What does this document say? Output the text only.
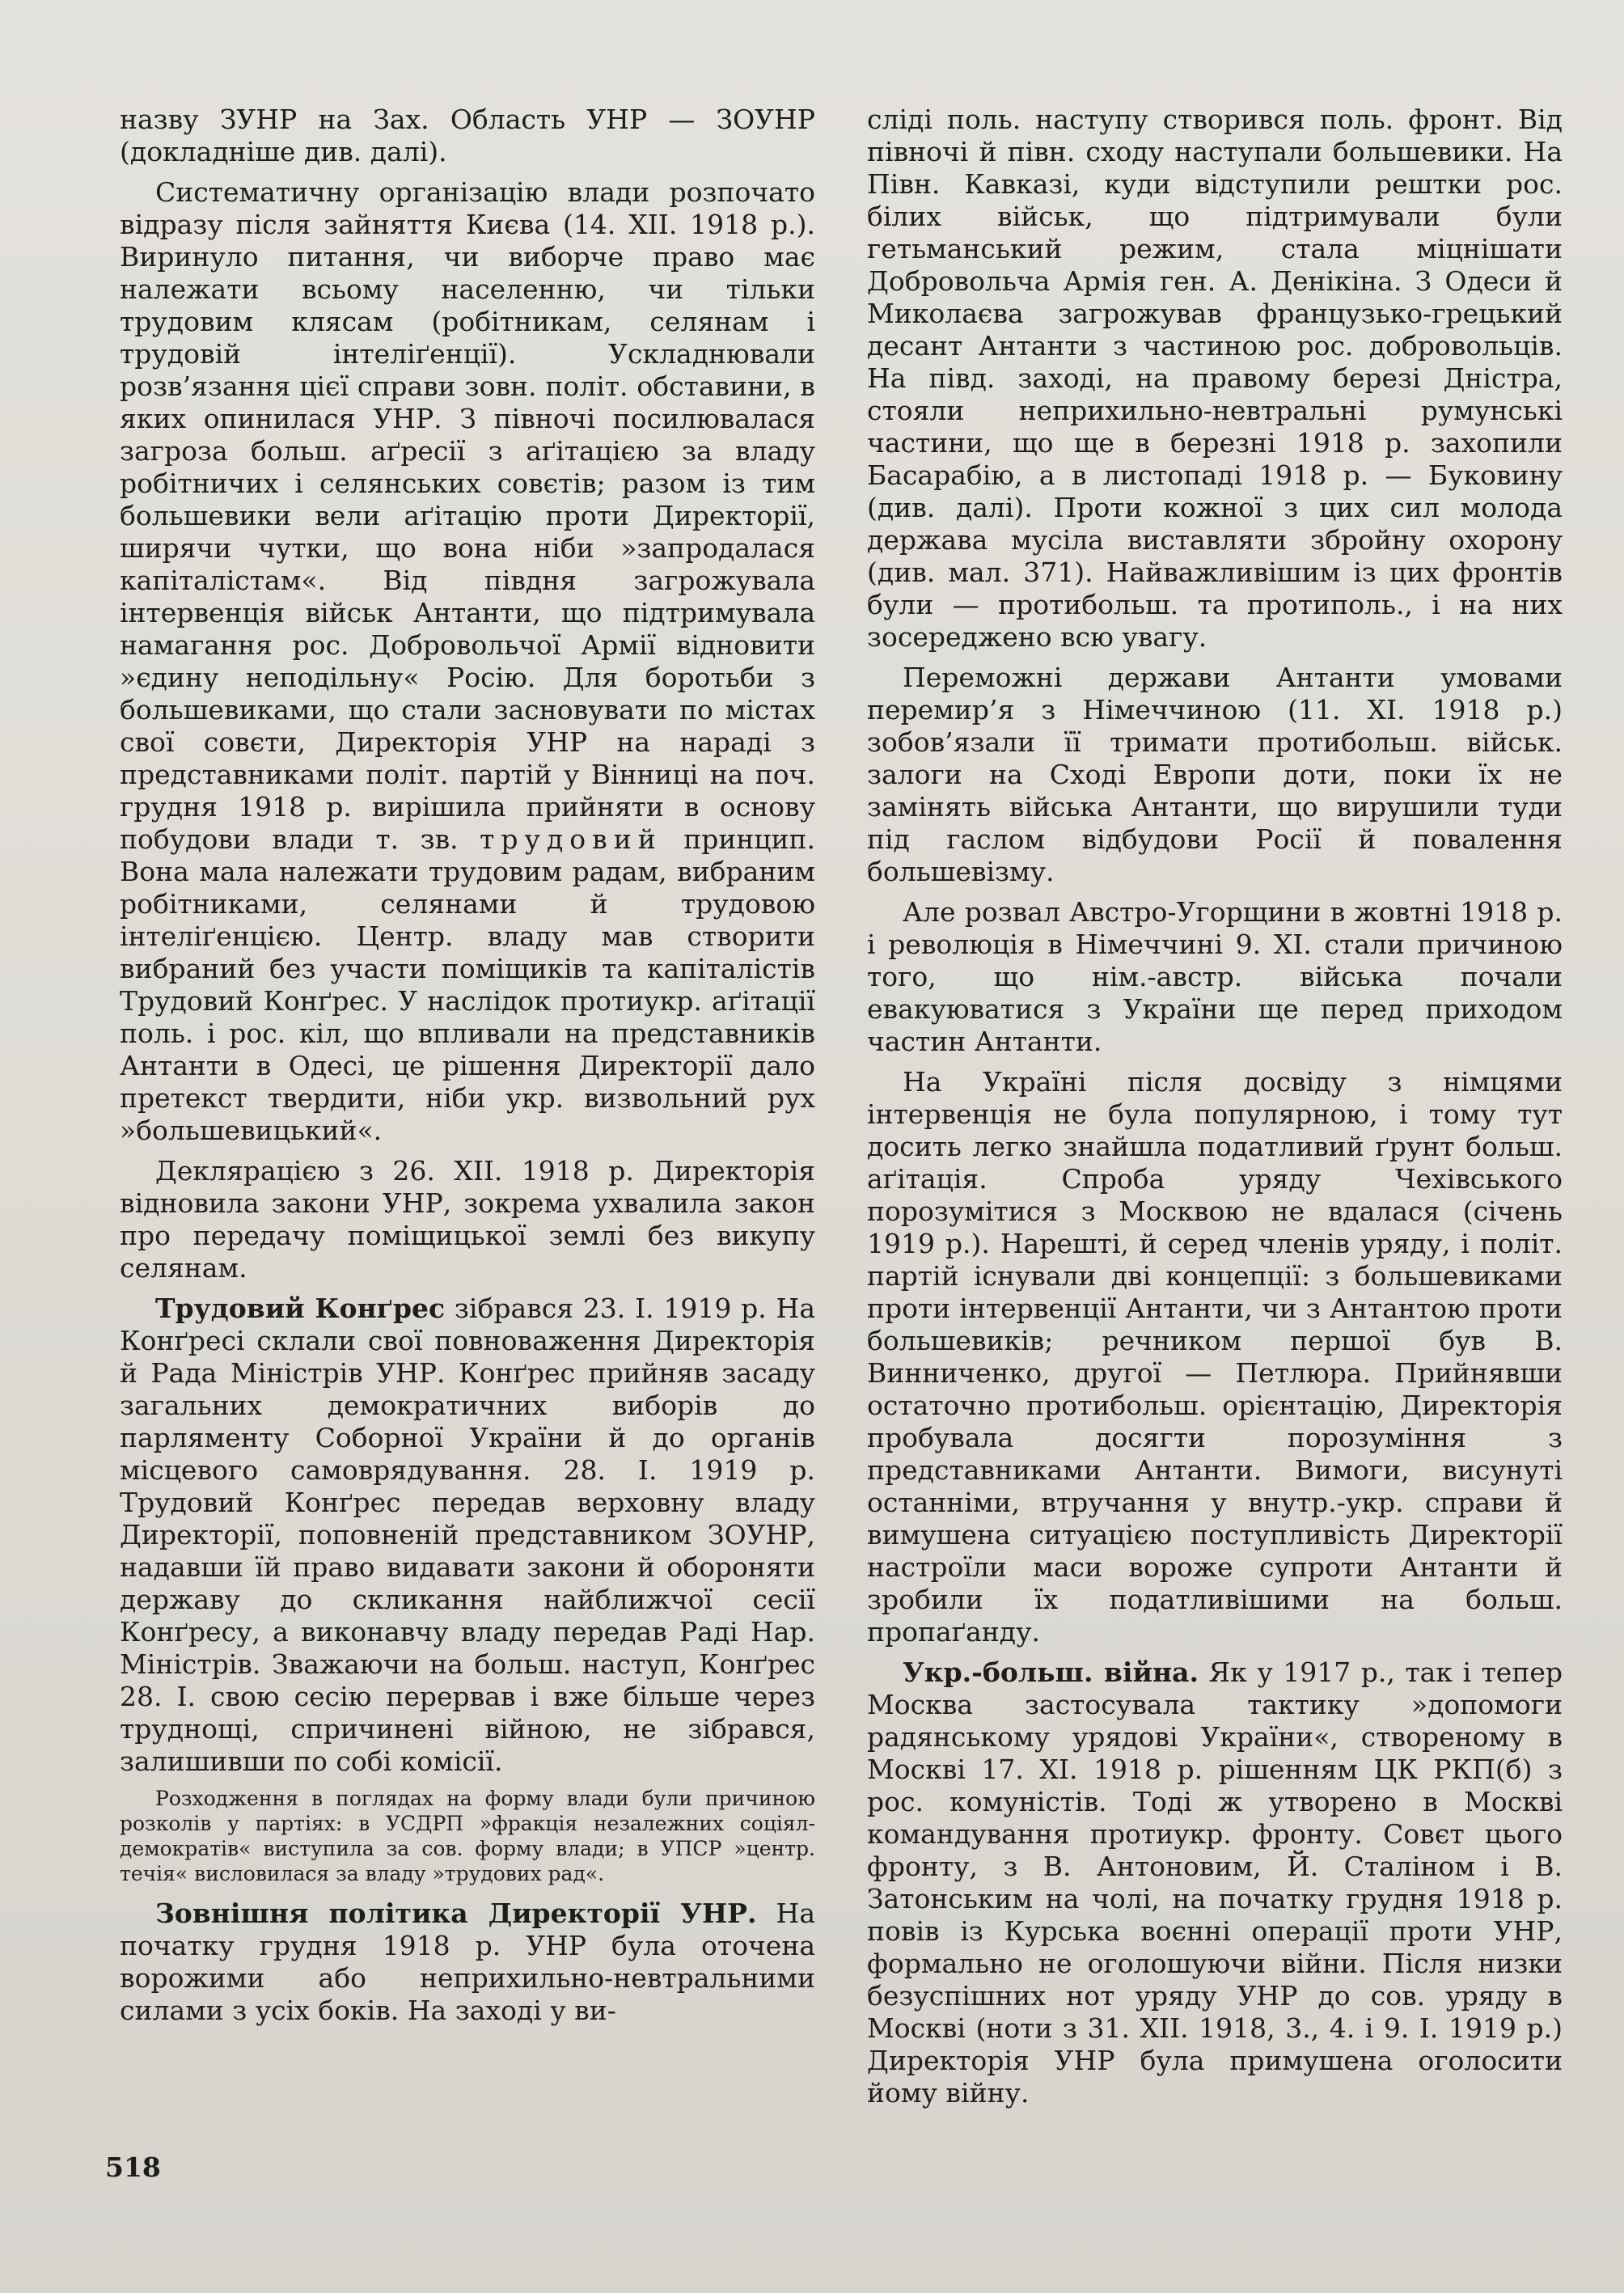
назву ЗУНР на Зах. Область УНР — ЗОУНР (докладніше див. далі).

Систематичну організацію влади розпочато відразу після зайняття Києва (14. XII. 1918 р.). Виринуло питання, чи виборче право має належати всьому населенню, чи тільки трудовим клясам (робітникам, селянам і трудовій інтеліґенції). Ускладнювали розв’язання цієї справи зовн. політ. обставини, в яких опинилася УНР. З півночі посилювалася загроза больш. аґресії з аґітацією за владу робітничих і селянських совєтів; разом із тим большевики вели аґітацію проти Директорії, ширячи чутки, що вона ніби »запродалася капіталістам«. Від півдня загрожувала інтервенція військ Антанти, що підтримувала намагання рос. Добровольчої Армії відновити »єдину неподільну« Росію. Для боротьби з большевиками, що стали засновувати по містах свої совєти, Директорія УНР на нараді з представниками політ. партій у Вінниці на поч. грудня 1918 р. вирішила прийняти в основу побудови влади т. зв. трудовий принцип. Вона мала належати трудовим радам, вибраним робітниками, селянами й трудовою інтеліґенцією. Центр. владу мав створити вибраний без участи поміщиків та капіталістів Трудовий Конґрес. У наслідок протиукр. аґітації поль. і рос. кіл, що впливали на представників Антанти в Одесі, це рішення Директорії дало претекст твердити, ніби укр. визвольний рух »большевицький«.

Деклярацією з 26. XII. 1918 р. Директорія відновила закони УНР, зокрема ухвалила закон про передачу поміщицької землі без викупу селянам.

Трудовий Конґрес зібрався 23. I. 1919 р. На Конґресі склали свої повноваження Директорія й Рада Міністрів УНР. Конґрес прийняв засаду загальних демократичних виборів до парляменту Соборної України й до органів місцевого самоврядування. 28. I. 1919 р. Трудовий Конґрес передав верховну владу Директорії, поповненій представником ЗОУНР, надавши їй право видавати закони й обороняти державу до скликання найближчої сесії Конґресу, а виконавчу владу передав Раді Нар. Міністрів. Зважаючи на больш. наступ, Конґрес 28. I. свою сесію перервав і вже більше через труднощі, спричинені війною, не зібрався, залишивши по собі комісії.

Розходження в поглядах на форму влади були причиною розколів у партіях: в УСДРП »фракція незалежних соціял-демократів« виступила за сов. форму влади; в УПСР »центр. течія« висловилася за владу »трудових рад«.

Зовнішня політика Директорії УНР. На початку грудня 1918 р. УНР була оточена ворожими або неприхильно-невтральними силами з усіх боків. На заході у ви-

сліді поль. наступу створився поль. фронт. Від півночі й півн. сходу наступали большевики. На Півн. Кавказі, куди відступили рештки рос. білих військ, що підтримували були гетьманський режим, стала міцнішати Добровольча Армія ген. А. Денікіна. З Одеси й Миколаєва загрожував французько-грецький десант Антанти з частиною рос. добровольців. На півд. заході, на правому березі Дністра, стояли неприхильно-невтральні румунські частини, що ще в березні 1918 р. захопили Басарабію, а в листопаді 1918 р. — Буковину (див. далі). Проти кожної з цих сил молода держава мусіла виставляти збройну охорону (див. мал. 371). Найважливішим із цих фронтів були — протибольш. та протиполь., і на них зосереджено всю увагу.

Переможні держави Антанти умовами перемир’я з Німеччиною (11. XI. 1918 р.) зобов’язали її тримати протибольш. військ. залоги на Сході Европи доти, поки їх не замінять війська Антанти, що вирушили туди під гаслом відбудови Росії й повалення большевізму.

Але розвал Австро-Угорщини в жовтні 1918 р. і революція в Німеччині 9. XI. стали причиною того, що нім.-австр. війська почали евакуюватися з України ще перед приходом частин Антанти.

На Україні після досвіду з німцями інтервенція не була популярною, і тому тут досить легко знайшла податливий ґрунт больш. аґітація. Спроба уряду Чехівського порозумітися з Москвою не вдалася (січень 1919 р.). Нарешті, й серед членів уряду, і політ. партій існували дві концепції: з большевиками проти інтервенції Антанти, чи з Антантою проти большевиків; речником першої був В. Винниченко, другої — Петлюра. Прийнявши остаточно протибольш. орієнтацію, Директорія пробувала досягти порозуміння з представниками Антанти. Вимоги, висунуті останніми, втручання у внутр.-укр. справи й вимушена ситуацією поступливість Директорії настроїли маси вороже супроти Антанти й зробили їх податливішими на больш. пропаґанду.

Укр.-больш. війна. Як у 1917 р., так і тепер Москва застосувала тактику »допомоги радянському урядові України«, створеному в Москві 17. XI. 1918 р. рішенням ЦК РКП(б) з рос. комуністів. Тоді ж утворено в Москві командування протиукр. фронту. Совєт цього фронту, з В. Антоновим, Й. Сталіном і В. Затонським на чолі, на початку грудня 1918 р. повів із Курська воєнні операції проти УНР, формально не оголошуючи війни. Після низки безуспішних нот уряду УНР до сов. уряду в Москві (ноти з 31. XII. 1918, 3., 4. і 9. I. 1919 р.) Директорія УНР була примушена оголосити йому війну.

518
